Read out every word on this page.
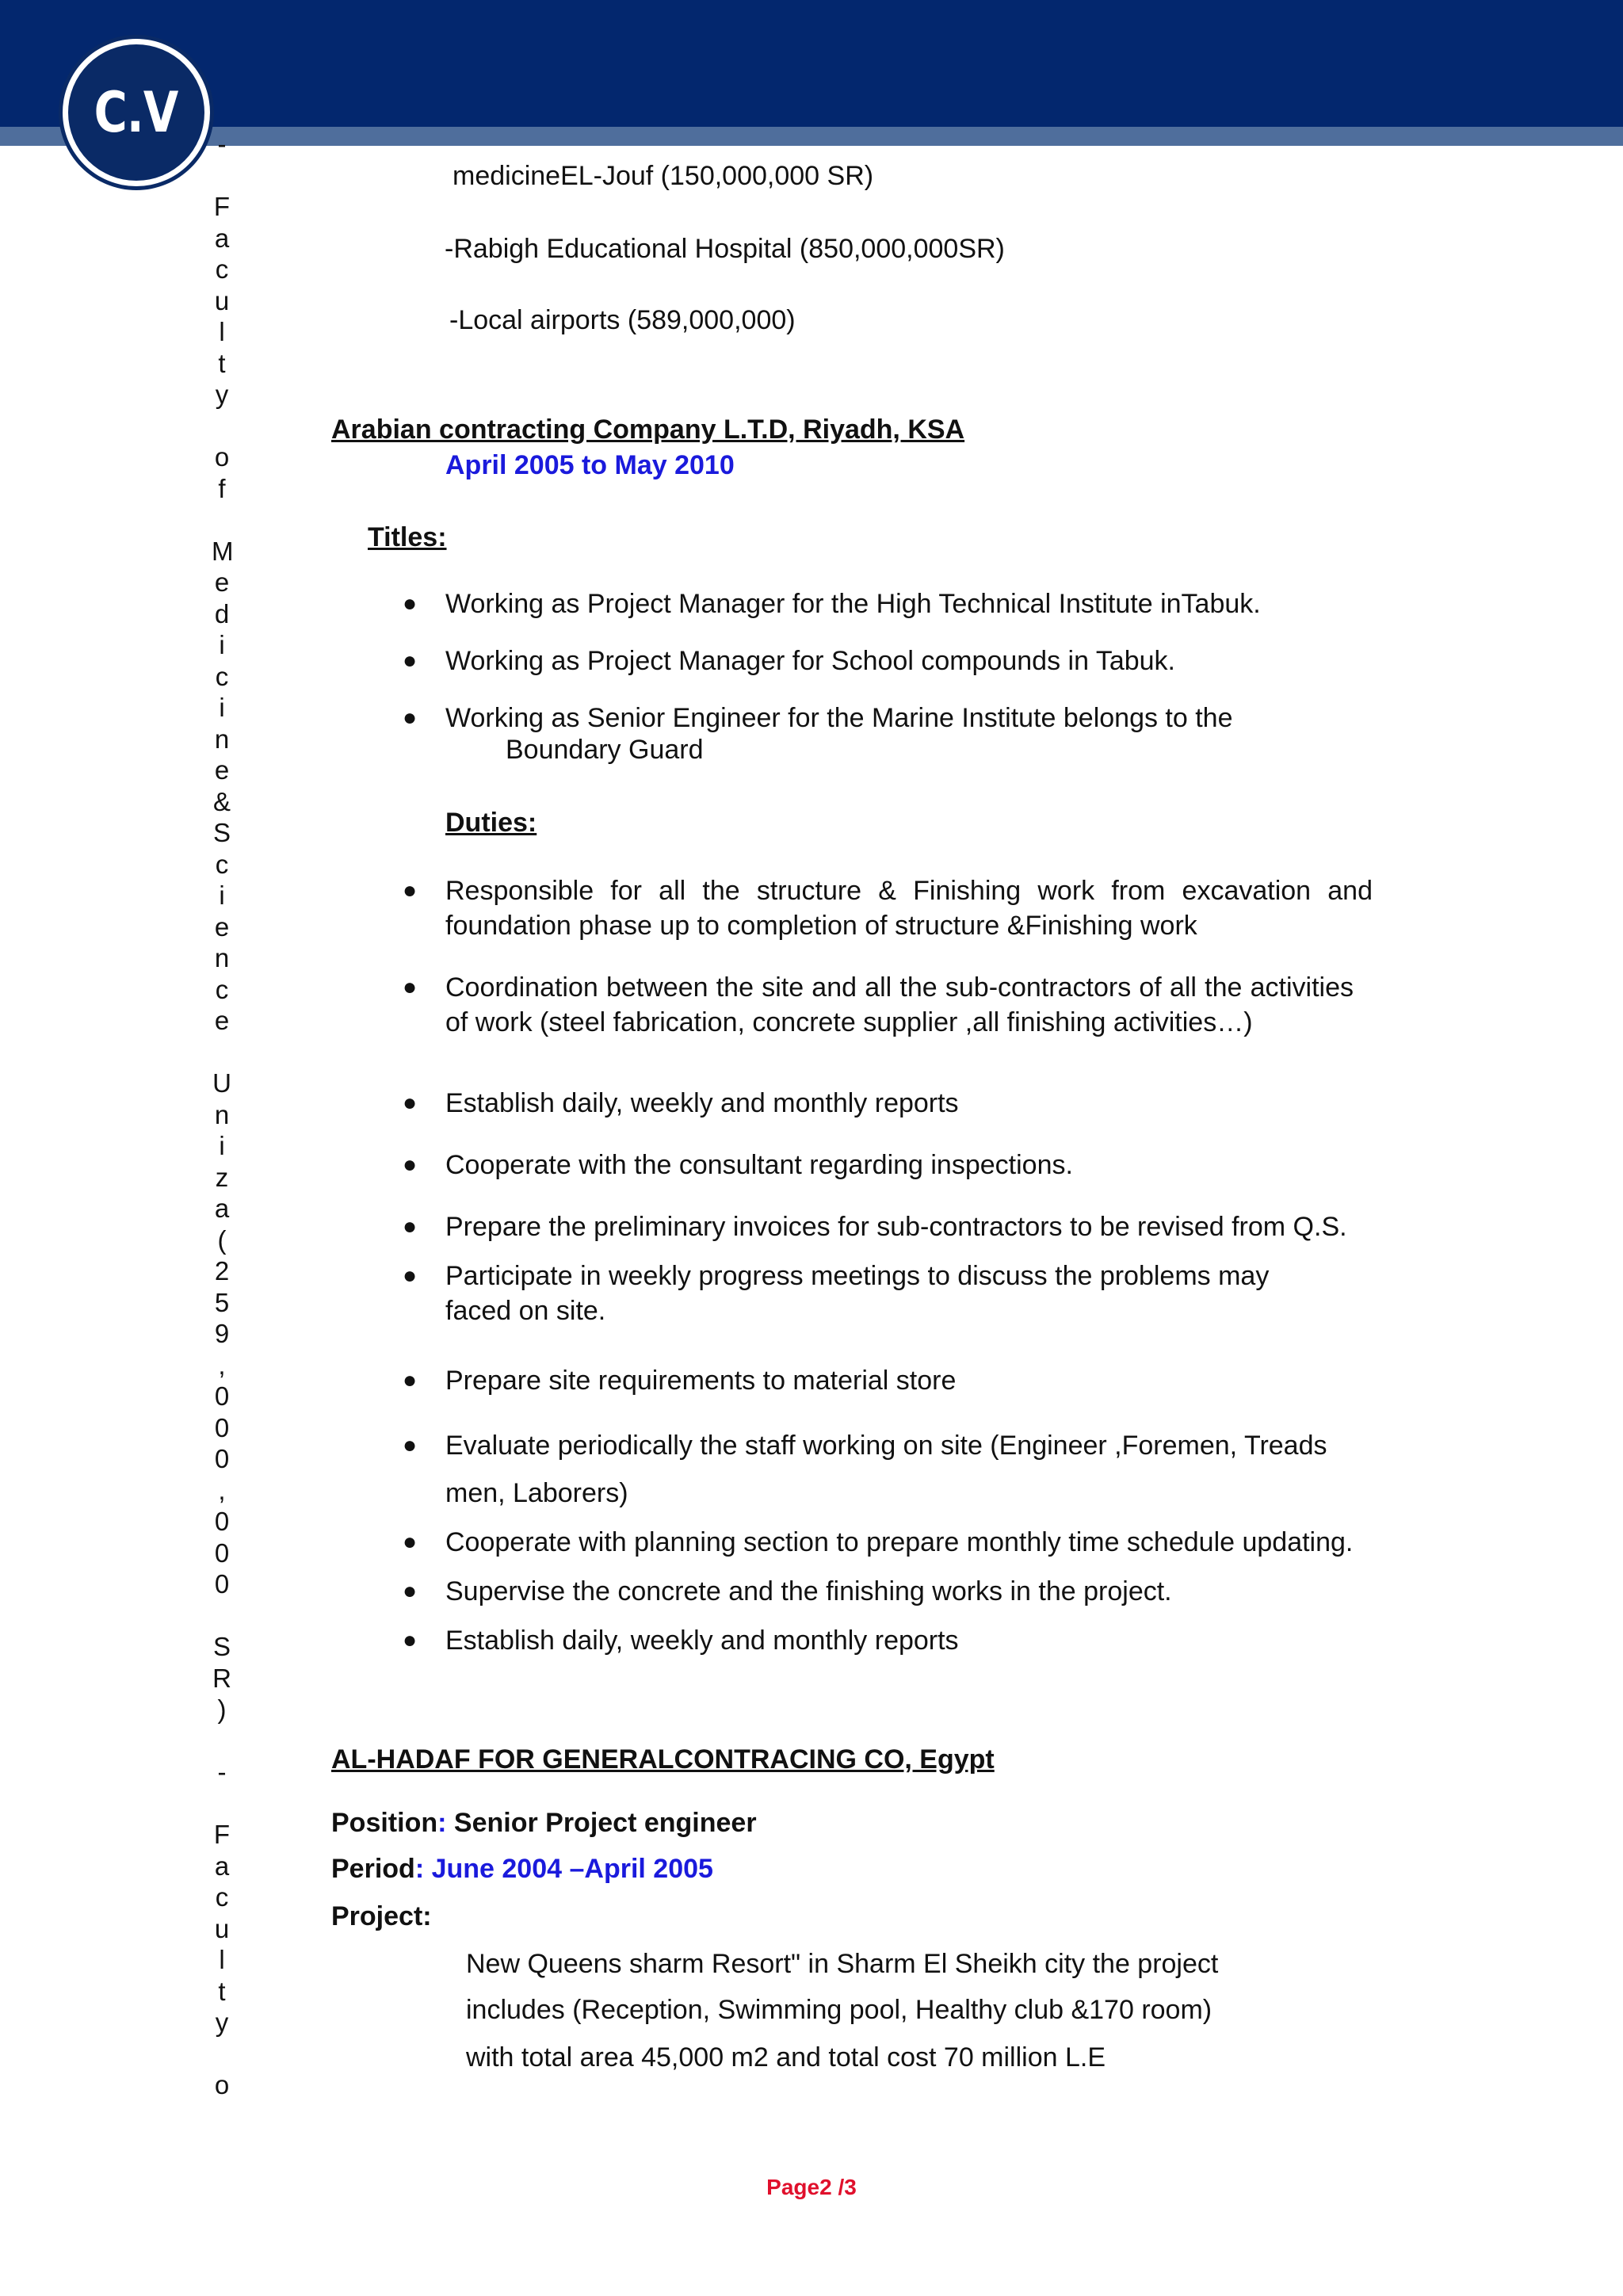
C.V -

F
a
c
u
l
t
y

o
f

M
e
d
i
c
i
n
e
&
S
c
i
e
n
c
e

U
n
i
z
a
(
2
5
9
,
0
0
0
,
0
0
0

S
R
)

-

F
a
c
u
l
t
y

o
medicineEL-Jouf (150,000,000 SR)
-Rabigh Educational Hospital (850,000,000SR)
-Local airports (589,000,000)
Arabian contracting Company L.T.D, Riyadh, KSA
April 2005 to May 2010
Titles:
● Working as Project Manager for the High Technical Institute inTabuk.
● Working as Project Manager for School compounds in Tabuk.
● Working as Senior Engineer for the Marine Institute belongs to the
Boundary Guard
Duties:
● Responsible for all the structure & Finishing work from excavation and foundation phase up to completion of structure &Finishing work
● Coordination between the site and all the sub-contractors of all the activities of work (steel fabrication, concrete supplier ,all finishing activities…)
● Establish daily, weekly and monthly reports
● Cooperate with the consultant regarding inspections.
● Prepare the preliminary invoices for sub-contractors to be revised from Q.S.
● Participate in weekly progress meetings to discuss the problems may
faced on site.
● Prepare site requirements to material store
● Evaluate periodically the staff working on site (Engineer ,Foremen, Treads
men, Laborers)
● Cooperate with planning section to prepare monthly time schedule updating.
● Supervise the concrete and the finishing works in the project.
● Establish daily, weekly and monthly reports
AL-HADAF FOR GENERALCONTRACING CO, Egypt
Position: Senior Project engineer
Period: June 2004 –April 2005
Project:
New Queens sharm Resort" in Sharm El Sheikh city the project
includes (Reception, Swimming pool, Healthy club &170 room)
with total area 45,000 m2 and total cost 70 million L.E
Page2 /3
